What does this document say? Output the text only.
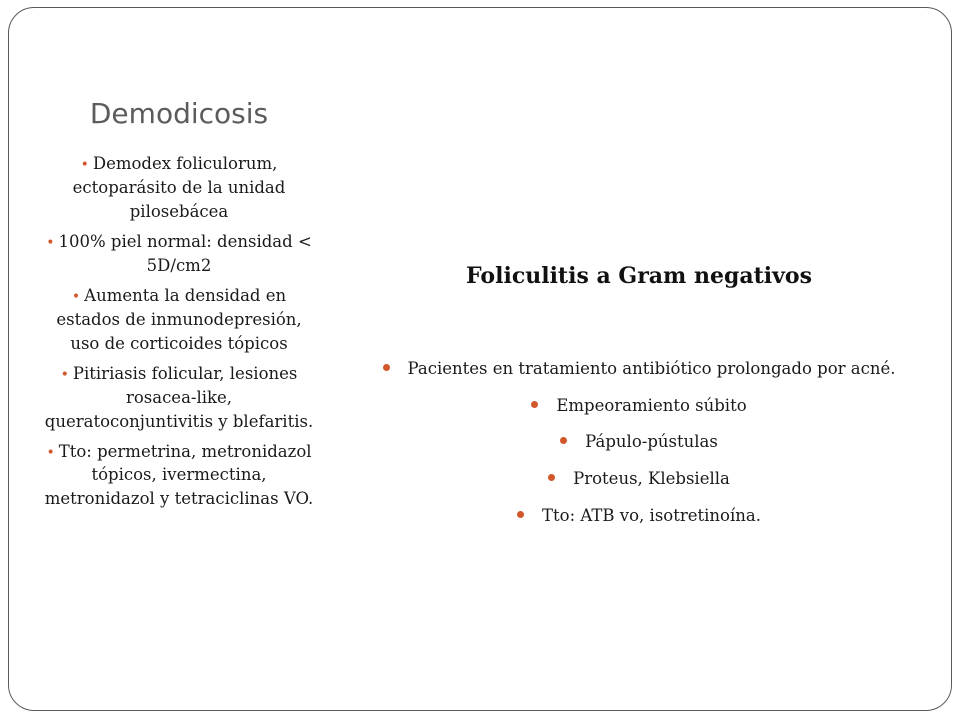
Demodicosis
• Demodex foliculorum, ectoparásito de la unidad pilosebácea
• 100% piel normal: densidad < 5D/cm2
• Aumenta la densidad en estados de inmunodepresión, uso de corticoides tópicos
• Pitiriasis folicular, lesiones rosacea-like, queratoconjuntivitis y blefaritis.
• Tto: permetrina, metronidazol tópicos, ivermectina, metronidazol y tetraciclinas VO.
Foliculitis a Gram negativos
Pacientes en tratamiento antibiótico prolongado por acné.
Empeoramiento súbito
Pápulo-pústulas
Proteus, Klebsiella
Tto: ATB vo, isotretinoína.
